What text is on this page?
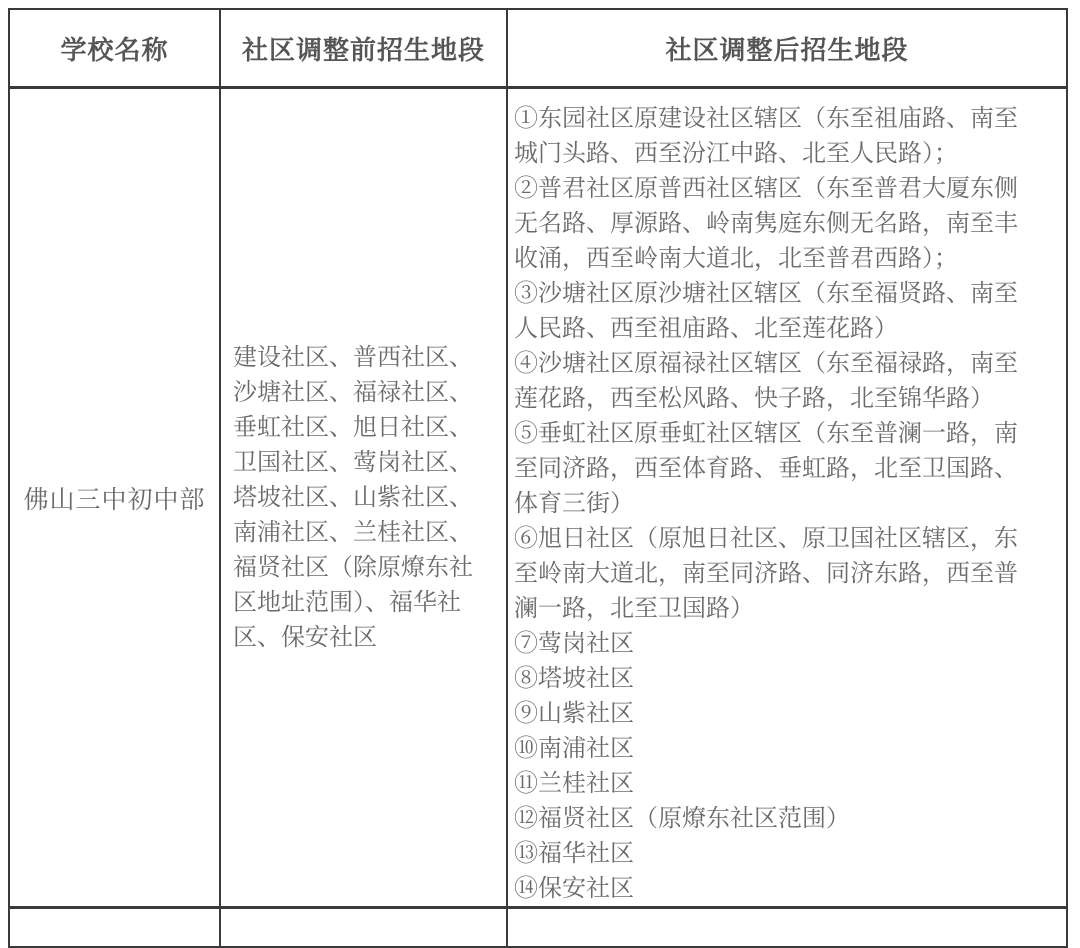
学校名称	社区调整前招生地段	社区调整后招生地段
佛山三中初中部
建设社区、普西社区、沙塘社区、福禄社区、垂虹社区、旭日社区、卫国社区、莺岗社区、塔坡社区、山紫社区、南浦社区、兰桂社区、福贤社区（除原燎东社区地址范围）、福华社区、保安社区
①东园社区原建设社区辖区（东至祖庙路、南至城门头路、西至汾江中路、北至人民路）；
②普君社区原普西社区辖区（东至普君大厦东侧无名路、厚源路、岭南隽庭东侧无名路，南至丰收涌，西至岭南大道北，北至普君西路）；
③沙塘社区原沙塘社区辖区（东至福贤路、南至人民路、西至祖庙路、北至莲花路）
④沙塘社区原福禄社区辖区（东至福禄路，南至莲花路，西至松风路、快子路，北至锦华路）
⑤垂虹社区原垂虹社区辖区（东至普澜一路，南至同济路，西至体育路、垂虹路，北至卫国路、体育三街）
⑥旭日社区（原旭日社区、原卫国社区辖区，东至岭南大道北，南至同济路、同济东路，西至普澜一路，北至卫国路）
⑦莺岗社区
⑧塔坡社区
⑨山紫社区
⑩南浦社区
⑪兰桂社区
⑫福贤社区（原燎东社区范围）
⑬福华社区
⑭保安社区
